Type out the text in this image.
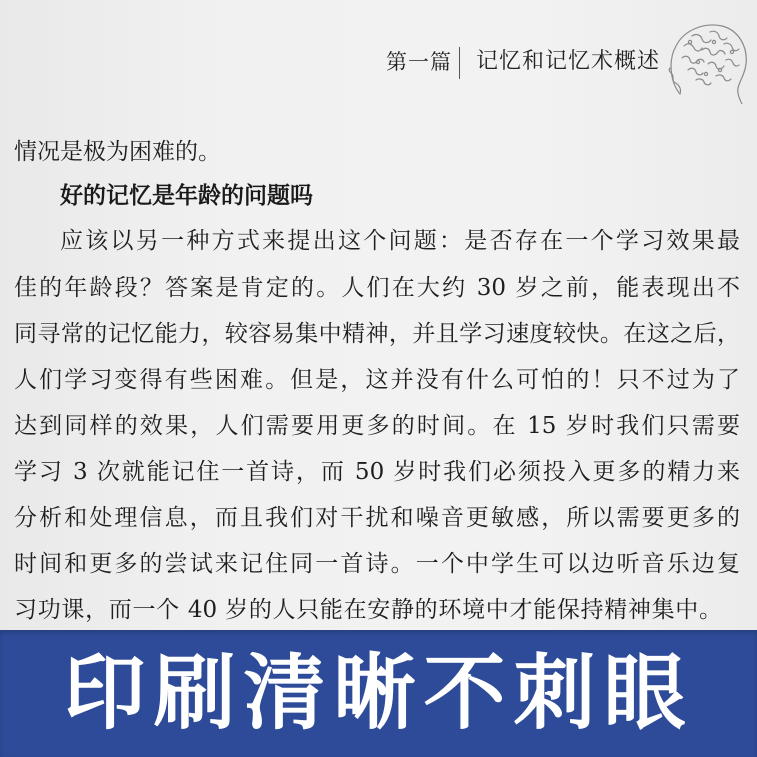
第一篇 记忆和记忆术概述
情况是极为困难的。
好的记忆是年龄的问题吗
应该以另一种方式来提出这个问题：是否存在一个学习效果最
佳的年龄段？答案是肯定的。人们在大约 30 岁之前，能表现出不
同寻常的记忆能力，较容易集中精神，并且学习速度较快。在这之后，
人们学习变得有些困难。但是，这并没有什么可怕的！只不过为了
达到同样的效果，人们需要用更多的时间。在 15 岁时我们只需要
学习 3 次就能记住一首诗，而 50 岁时我们必须投入更多的精力来
分析和处理信息，而且我们对干扰和噪音更敏感，所以需要更多的
时间和更多的尝试来记住同一首诗。一个中学生可以边听音乐边复
习功课，而一个 40 岁的人只能在安静的环境中才能保持精神集中。
印刷清晰不刺眼
